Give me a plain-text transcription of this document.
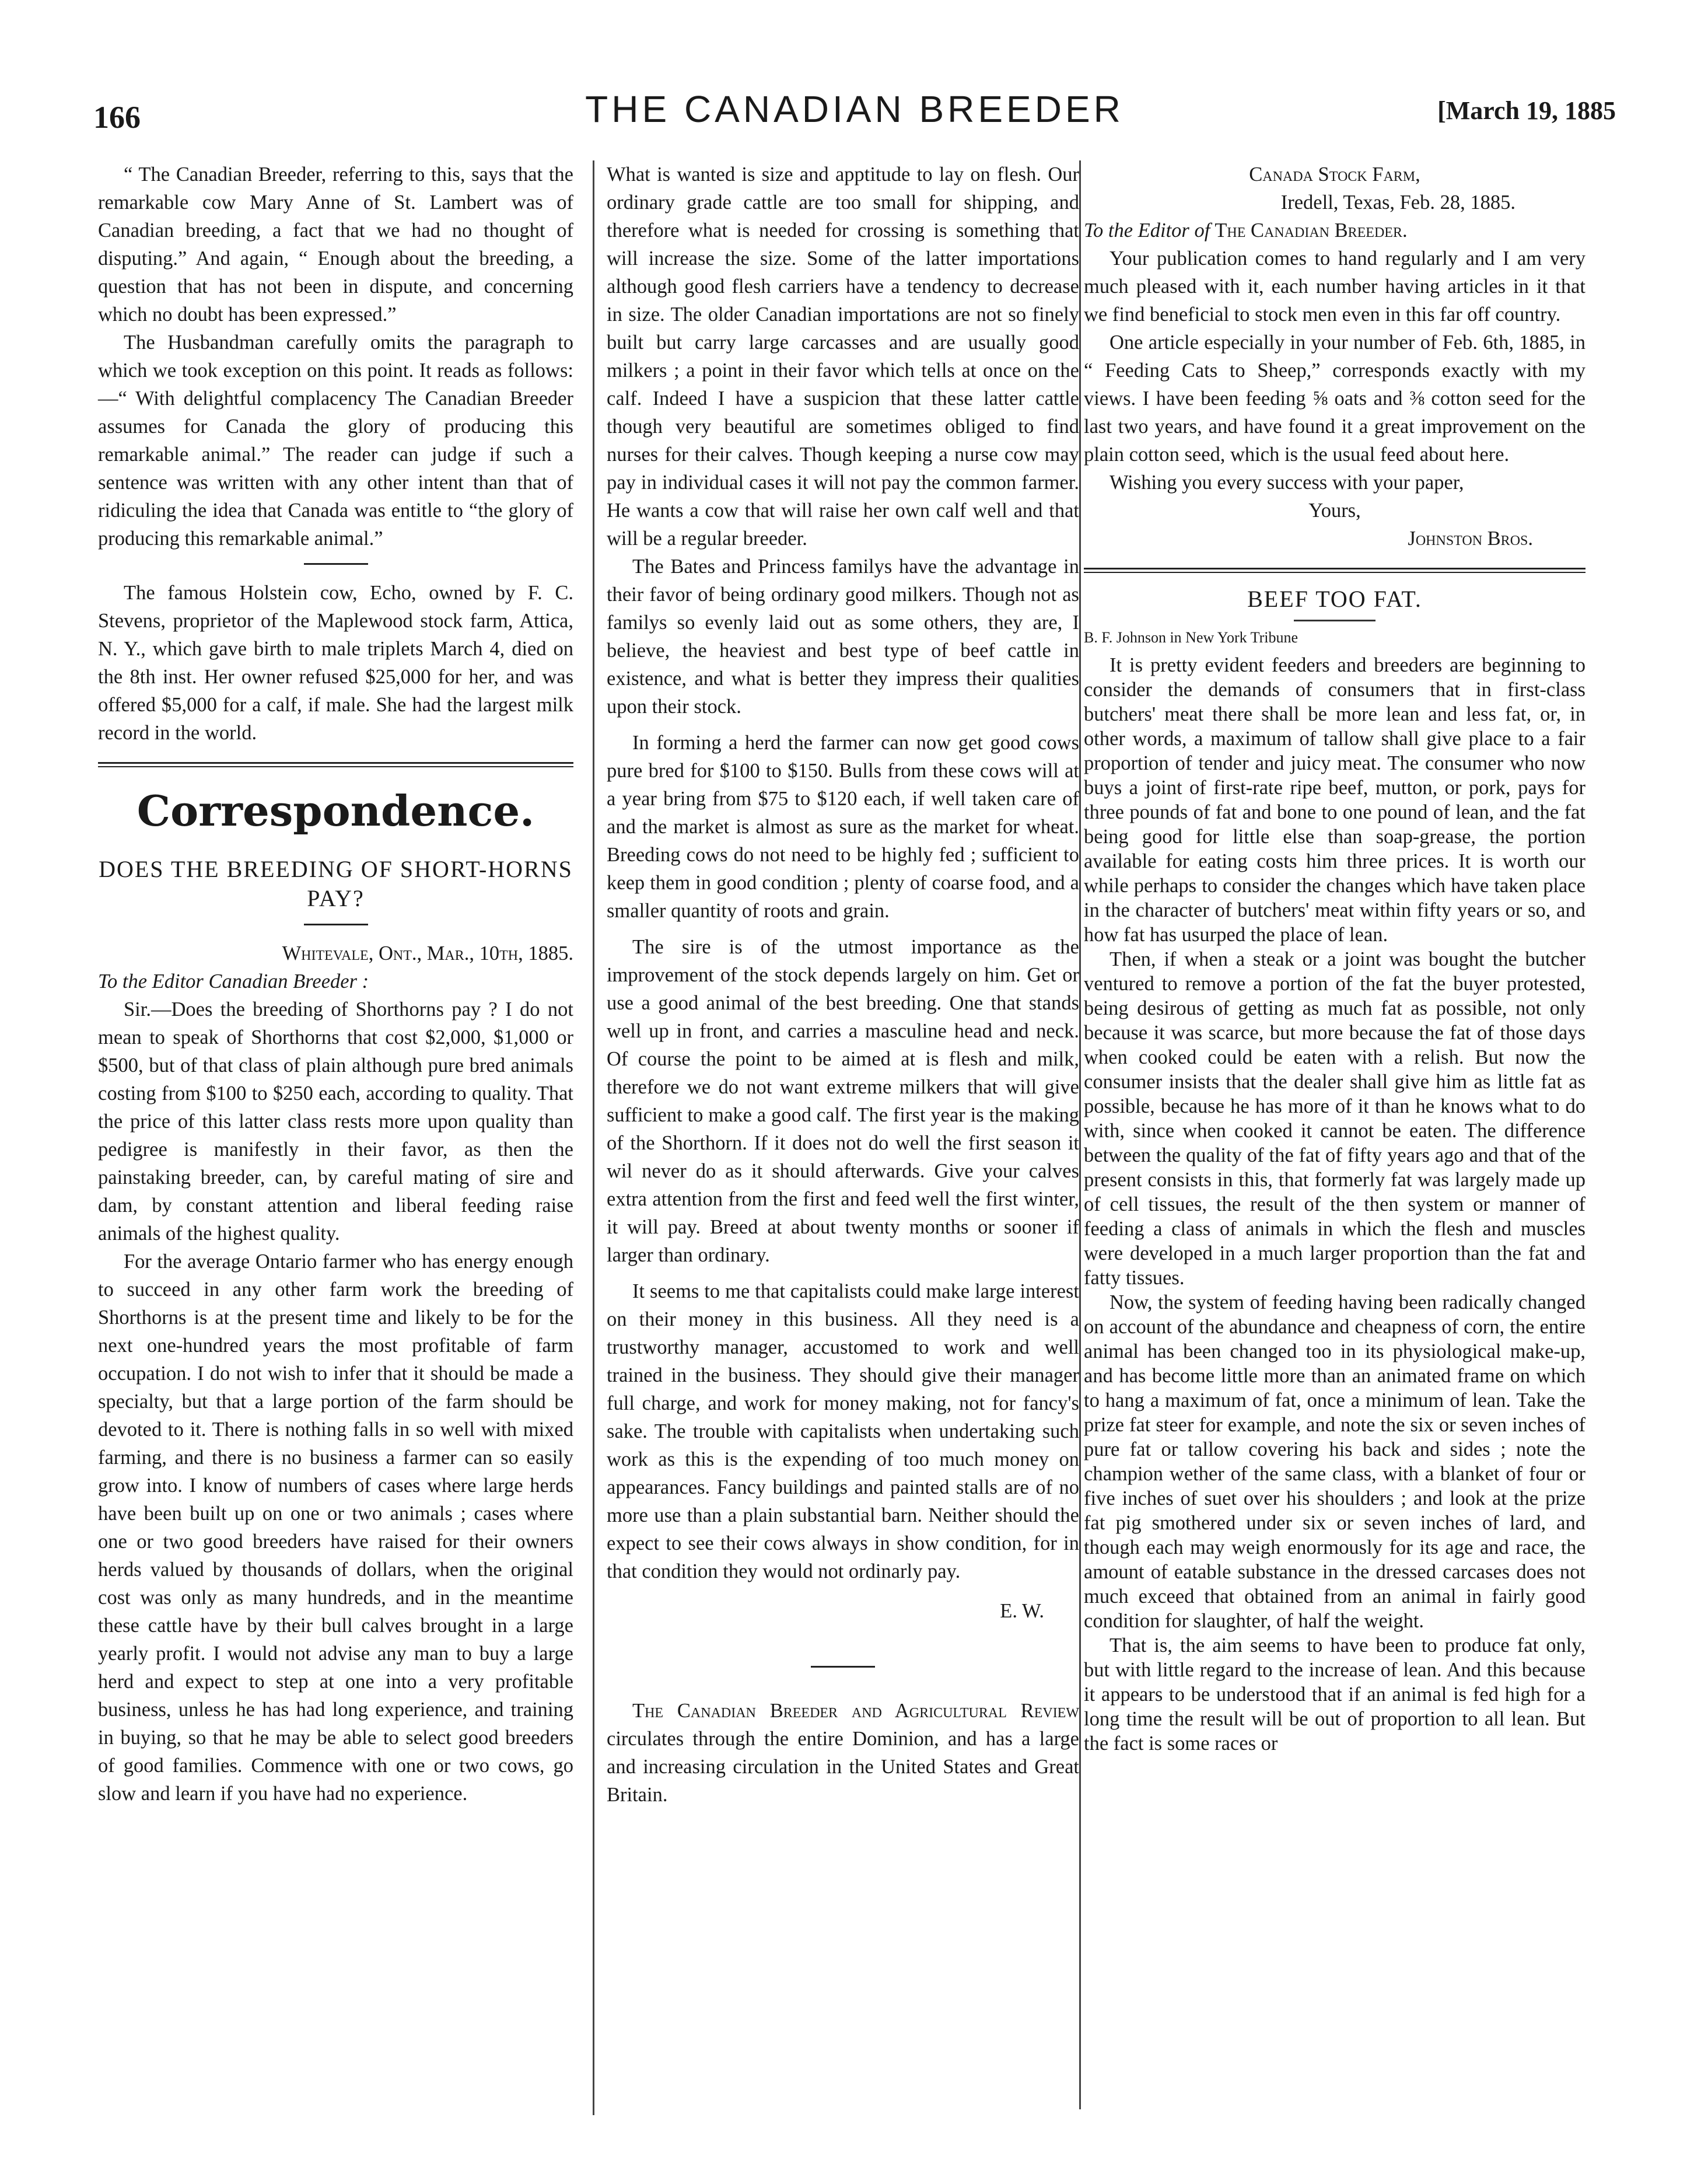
166	THE CANADIAN BREEDER	[March 19, 1885

“ The Canadian Breeder, referring to this, says that the remarkable cow Mary Anne of St. Lambert was of Canadian breeding, a fact that we had no thought of disputing.” And again, “ Enough about the breeding, a question that has not been in dispute, and concerning which no doubt has been expressed.”

The Husbandman carefully omits the paragraph to which we took exception on this point. It reads as follows:—“ With delightful complacency The Canadian Breeder assumes for Canada the glory of producing this remarkable animal.” The reader can judge if such a sentence was written with any other intent than that of ridiculing the idea that Canada was entitle to “the glory of producing this remarkable animal.”

The famous Holstein cow, Echo, owned by F. C. Stevens, proprietor of the Maplewood stock farm, Attica, N. Y., which gave birth to male triplets March 4, died on the 8th inst. Her owner refused $25,000 for her, and was offered $5,000 for a calf, if male. She had the largest milk record in the world.

Correspondence.
DOES THE BREEDING OF SHORT-HORNS PAY?

Whitevale, Ont., Mar., 10th, 1885.

To the Editor Canadian Breeder :

Sir.—Does the breeding of Shorthorns pay ? I do not mean to speak of Shorthorns that cost $2,000, $1,000 or $500, but of that class of plain although pure bred animals costing from $100 to $250 each, according to quality. That the price of this latter class rests more upon quality than pedigree is manifestly in their favor, as then the painstaking breeder, can, by careful mating of sire and dam, by constant attention and liberal feeding raise animals of the highest quality.

For the average Ontario farmer who has energy enough to succeed in any other farm work the breeding of Shorthorns is at the present time and likely to be for the next one-hundred years the most profitable of farm occupation. I do not wish to infer that it should be made a specialty, but that a large portion of the farm should be devoted to it. There is nothing falls in so well with mixed farming, and there is no business a farmer can so easily grow into. I know of numbers of cases where large herds have been built up on one or two animals ; cases where one or two good breeders have raised for their owners herds valued by thousands of dollars, when the original cost was only as many hundreds, and in the meantime these cattle have by their bull calves brought in a large yearly profit. I would not advise any man to buy a large herd and expect to step at one into a very profitable business, unless he has had long experience, and training in buying, so that he may be able to select good breeders of good families. Commence with one or two cows, go slow and learn if you have had no experience.

What is wanted is size and apptitude to lay on flesh. Our ordinary grade cattle are too small for shipping, and therefore what is needed for crossing is something that will increase the size. Some of the latter importations although good flesh carriers have a tendency to decrease in size. The older Canadian importations are not so finely built but carry large carcasses and are usually good milkers ; a point in their favor which tells at once on the calf. Indeed I have a suspicion that these latter cattle though very beautiful are sometimes obliged to find nurses for their calves. Though keeping a nurse cow may pay in individual cases it will not pay the common farmer. He wants a cow that will raise her own calf well and that will be a regular breeder.

The Bates and Princess familys have the advantage in their favor of being ordinary good milkers. Though not as familys so evenly laid out as some others, they are, I believe, the heaviest and best type of beef cattle in existence, and what is better they impress their qualities upon their stock.

In forming a herd the farmer can now get good cows pure bred for $100 to $150. Bulls from these cows will at a year bring from $75 to $120 each, if well taken care of and the market is almost as sure as the market for wheat. Breeding cows do not need to be highly fed ; sufficient to keep them in good condition ; plenty of coarse food, and a smaller quantity of roots and grain.

The sire is of the utmost importance as the improvement of the stock depends largely on him. Get or use a good animal of the best breeding. One that stands well up in front, and carries a masculine head and neck. Of course the point to be aimed at is flesh and milk, therefore we do not want extreme milkers that will give sufficient to make a good calf. The first year is the making of the Shorthorn. If it does not do well the first season it wil never do as it should afterwards. Give your calves extra attention from the first and feed well the first winter, it will pay. Breed at about twenty months or sooner if larger than ordinary.

It seems to me that capitalists could make large interest on their money in this business. All they need is a trustworthy manager, accustomed to work and well trained in the business. They should give their manager full charge, and work for money making, not for fancy's sake. The trouble with capitalists when undertaking such work as this is the expending of too much money on appearances. Fancy buildings and painted stalls are of no more use than a plain substantial barn. Neither should the expect to see their cows always in show condition, for in that condition they would not ordinarly pay.

E. W.

The Canadian Breeder and Agricultural Review circulates through the entire Dominion, and has a large and increasing circulation in the United States and Great Britain.

Canada Stock Farm,

Iredell, Texas, Feb. 28, 1885.

To the Editor of The Canadian Breeder.

Your publication comes to hand regularly and I am very much pleased with it, each number having articles in it that we find beneficial to stock men even in this far off country.

One article especially in your number of Feb. 6th, 1885, in “ Feeding Cats to Sheep,” corresponds exactly with my views. I have been feeding ⅝ oats and ⅜ cotton seed for the last two years, and have found it a great improvement on the plain cotton seed, which is the usual feed about here.

Wishing you every success with your paper,

Yours,

Johnston Bros.

BEEF TOO FAT.

B. F. Johnson in New York Tribune

It is pretty evident feeders and breeders are beginning to consider the demands of consumers that in first-class butchers' meat there shall be more lean and less fat, or, in other words, a maximum of tallow shall give place to a fair proportion of tender and juicy meat. The consumer who now buys a joint of first-rate ripe beef, mutton, or pork, pays for three pounds of fat and bone to one pound of lean, and the fat being good for little else than soap-grease, the portion available for eating costs him three prices. It is worth our while perhaps to consider the changes which have taken place in the character of butchers' meat within fifty years or so, and how fat has usurped the place of lean.

Then, if when a steak or a joint was bought the butcher ventured to remove a portion of the fat the buyer protested, being desirous of getting as much fat as possible, not only because it was scarce, but more because the fat of those days when cooked could be eaten with a relish. But now the consumer insists that the dealer shall give him as little fat as possible, because he has more of it than he knows what to do with, since when cooked it cannot be eaten. The difference between the quality of the fat of fifty years ago and that of the present consists in this, that formerly fat was largely made up of cell tissues, the result of the then system or manner of feeding a class of animals in which the flesh and muscles were developed in a much larger proportion than the fat and fatty tissues.

Now, the system of feeding having been radically changed on account of the abundance and cheapness of corn, the entire animal has been changed too in its physiological make-up, and has become little more than an animated frame on which to hang a maximum of fat, once a minimum of lean. Take the prize fat steer for example, and note the six or seven inches of pure fat or tallow covering his back and sides ; note the champion wether of the same class, with a blanket of four or five inches of suet over his shoulders ; and look at the prize fat pig smothered under six or seven inches of lard, and though each may weigh enormously for its age and race, the amount of eatable substance in the dressed carcases does not much exceed that obtained from an animal in fairly good condition for slaughter, of half the weight.

That is, the aim seems to have been to produce fat only, but with little regard to the increase of lean. And this because it appears to be understood that if an animal is fed high for a long time the result will be out of proportion to all lean. But the fact is some races or
